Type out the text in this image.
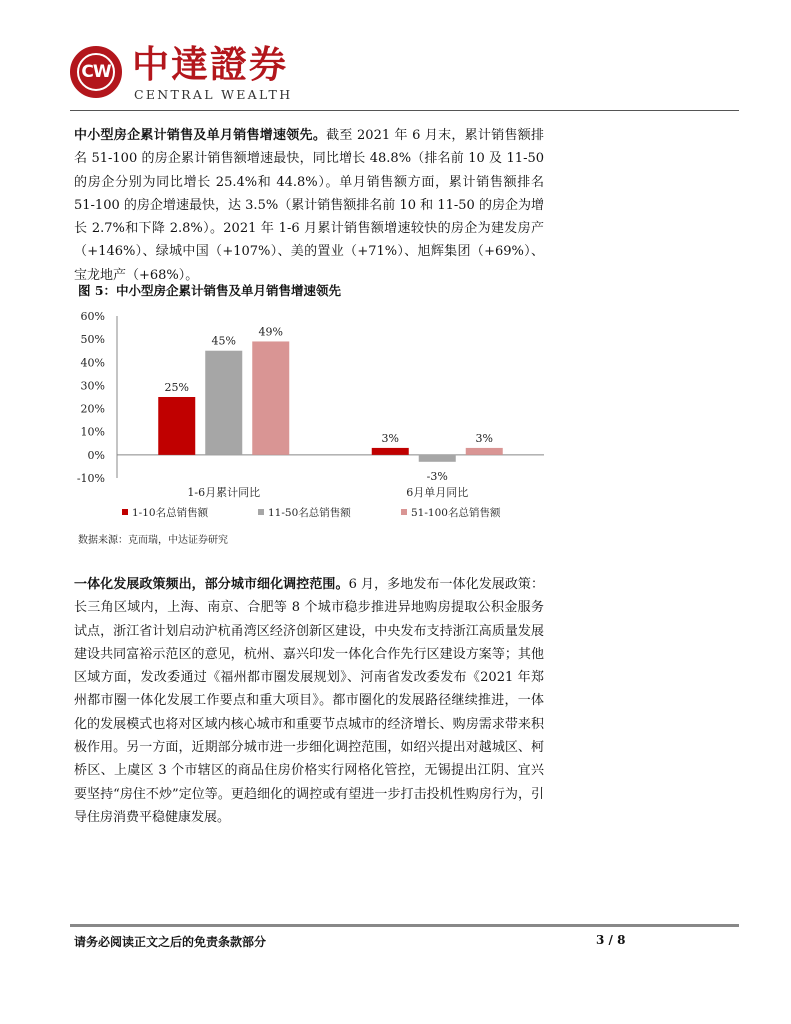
CW 中達證券
CENTRAL WEALTH

中小型房企累计销售及单月销售增速领先。截至 2021 年 6 月末，累计销售额排名 51-100 的房企累计销售额增速最快，同比增长 48.8%（排名前 10 及 11-50 的房企分别为同比增长 25.4%和 44.8%）。单月销售额方面，累计销售额排名 51-100 的房企增速最快，达 3.5%（累计销售额排名前 10 和 11-50 的房企为增长 2.7%和下降 2.8%）。2021 年 1-6 月累计销售额增速较快的房企为建发房产（+146%）、绿城中国（+107%）、美的置业（+71%）、旭辉集团（+69%）、宝龙地产（+68%）。

图 5：中小型房企累计销售及单月销售增速领先
60%
50%
40%
30%
20%
10%
0%
-10%
25%
45%
49%
1-6月累计同比
3%
-3%
3%
6月单月同比
1-10名总销售额	11-50名总销售额	51-100名总销售额
数据来源：克而瑞，中达证券研究

一体化发展政策频出，部分城市细化调控范围。6 月，多地发布一体化发展政策：长三角区域内，上海、南京、合肥等 8 个城市稳步推进异地购房提取公积金服务试点，浙江省计划启动沪杭甬湾区经济创新区建设，中央发布支持浙江高质量发展建设共同富裕示范区的意见，杭州、嘉兴印发一体化合作先行区建设方案等；其他区域方面，发改委通过《福州都市圈发展规划》、河南省发改委发布《2021 年郑州都市圈一体化发展工作要点和重大项目》。都市圈化的发展路径继续推进，一体化的发展模式也将对区域内核心城市和重要节点城市的经济增长、购房需求带来积极作用。另一方面，近期部分城市进一步细化调控范围，如绍兴提出对越城区、柯桥区、上虞区 3 个市辖区的商品住房价格实行网格化管控，无锡提出江阴、宜兴要坚持“房住不炒”定位等。更趋细化的调控或有望进一步打击投机性购房行为，引导住房消费平稳健康发展。

请务必阅读正文之后的免责条款部分	3 / 8
